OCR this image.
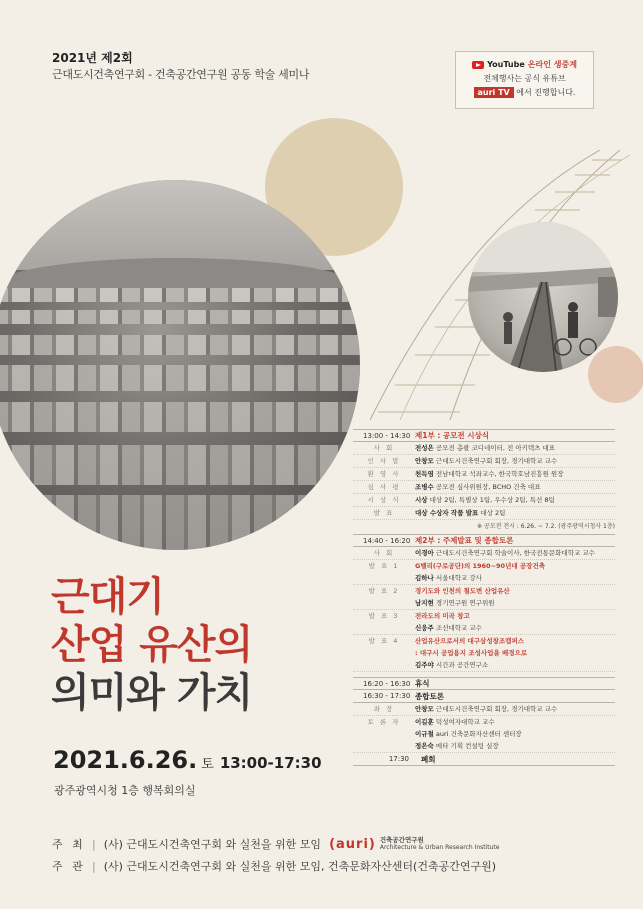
2021년 제2회
근대도시건축연구회 - 건축공간연구원 공동 학술 세미나
YouTube 온라인 생중계
전체행사는 공식 유튜브
auri TV 에서 진행합니다.
근대기
산업 유산의
의미와 가치
2021.6.26. 토 13:00-17:30
광주광역시청 1층 행복회의실
13:00 - 14:30 제1부 : 공모전 시상식
사 회	전성은 공모전 총괄 코디네이터, 전 아키텍츠 대표
인 사 말	안창모 근대도시건축연구회 회장, 경기대학교 교수
환 영 사	천득염 전남대학교 석좌교수, 한국학호남진흥원 원장
심 사 평	조병수 공모전 심사위원장, BCHO 건축 대표
시 상 식	시상 대상 2팀, 특별상 1팀, 우수상 2팀, 특선 8팀
발 표	대상 수상자 작품 발표 대상 2팀
※ 공모전 전시 : 6.26. ~ 7.2. (광주광역시청사 1층)
14:40 - 16:20 제2부 : 주제발표 및 종합토론
사 회	이경아 근대도시건축연구회 학술이사, 한국전통문화대학교 교수
발 표 1	G밸리(구로공단)의 1960~90년대 공장건축
김하나 서울대학교 강사
발 표 2	경기도와 인천의 철도변 산업유산
남지현 경기연구원 연구위원
발 표 3	전라도의 미곡 창고
신웅주 조선대학교 교수
발 표 4	산업유산으로서의 대구삼성창조캠퍼스
: 대구시 공업용지 조성사업을 배경으로
김주야 시간과 공간연구소
16:20 - 16:30 휴식
16:30 - 17:30 종합토론
좌 장	안창모 근대도시건축연구회 회장, 경기대학교 교수
토 론 자	이길훈 덕성여자대학교 교수
이규철 auri 건축문화자산센터 센터장
정은숙 메타 기획 컨설팅 실장
17:30	폐회
주 최 | (사) 근대도시건축연구회 와 실천을 위한 모임 (auri) 건축공간연구원
Architecture & Urban Research Institute
주 관 | (사) 근대도시건축연구회 와 실천을 위한 모임, 건축문화자산센터(건축공간연구원)
